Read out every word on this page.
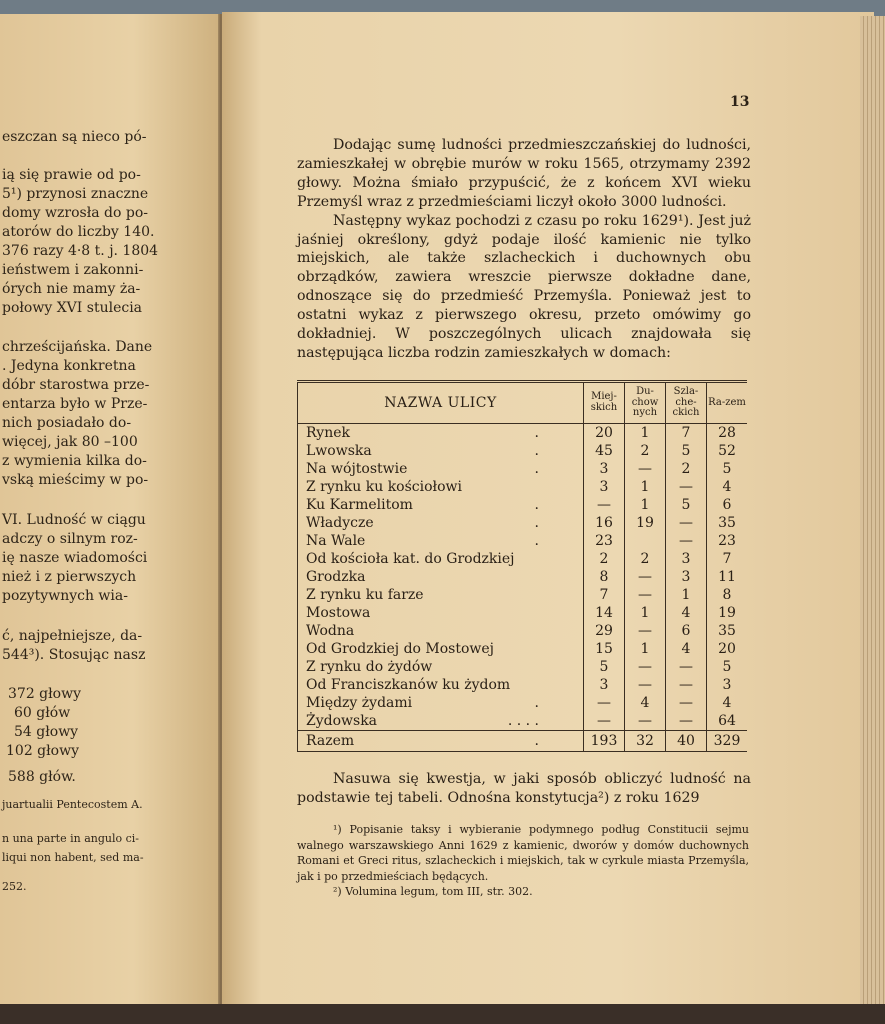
eszczan są nieco pó-
ią się prawie od po-
5¹) przynosi znaczne
domy wzrosła do po-
atorów do liczby 140.
376 razy 4·8 t. j. 1804
ieństwem i zakonni-
órych nie mamy ża-
połowy XVI stulecia
chrześcijańska. Dane
. Jedyna konkretna
dóbr starostwa prze-
entarza było w Prze-
nich posiadało do-
więcej, jak 80 –100
z wymienia kilka do-
vską mieścimy w po-
VI. Ludność w ciągu
adczy o silnym roz-
ię nasze wiadomości
nież i z pierwszych
pozytywnych wia-
ć, najpełniejsze, da-
544³). Stosując nasz
372 głowy
60 głów
54 głowy
102 głowy
588 głów.
juartualii Pentecostem A.
n una parte in angulo ci-
liqui non habent, sed ma-
252.
13

Dodając sumę ludności przedmieszczańskiej do ludności, zamieszkałej w obrębie murów w roku 1565, otrzymamy 2392 głowy. Można śmiało przypuścić, że z końcem XVI wieku Przemyśl wraz z przedmieściami liczył około 3000 ludności.

Następny wykaz pochodzi z czasu po roku 1629¹). Jest już jaśniej określony, gdyż podaje ilość kamienic nie tylko miejskich, ale także szlacheckich i duchownych obu obrządków, zawiera wreszcie pierwsze dokładne dane, odnoszące się do przedmieść Przemyśla. Ponieważ jest to ostatni wykaz z pierwszego okresu, przeto omówimy go dokładniej. W poszczególnych ulicach znajdowała się następująca liczba rodzin zamieszkałych w domach:

NAZWA ULICY	Miej-skich	Du-chow nych	Szla-che-ckich	Ra-zem
Rynek .	20	1	7	28
Lwowska .	45	2	5	52
Na wójtostwie .	3	—	2	5
Z rynku ku kościołowi	3	1	—	4
Ku Karmelitom .	—	1	5	6
Władycze .	16	19	—	35
Na Wale .	23		—	23
Od kościoła kat. do Grodzkiej	2	2	3	7
Grodzka	8	—	3	11
Z rynku ku farze	7	—	1	8
Mostowa	14	1	4	19
Wodna	29	—	6	35
Od Grodzkiej do Mostowej	15	1	4	20
Z rynku do żydów	5	—	—	5
Od Franciszkanów ku żydom	3	—	—	3
Między żydami .	—	4	—	4
Żydowska . . . .	—	—	—	64
Razem .	193	32	40	329

Nasuwa się kwestja, w jaki sposób obliczyć ludność na podstawie tej tabeli. Odnośna konstytucja²) z roku 1629

¹) Popisanie taksy i wybieranie podymnego podług Constitucii sejmu walnego warszawskiego Anni 1629 z kamienic, dworów y domów duchownych Romani et Greci ritus, szlacheckich i miejskich, tak w cyrkule miasta Przemyśla, jak i po przedmieściach będących.

²) Volumina legum, tom III, str. 302.
